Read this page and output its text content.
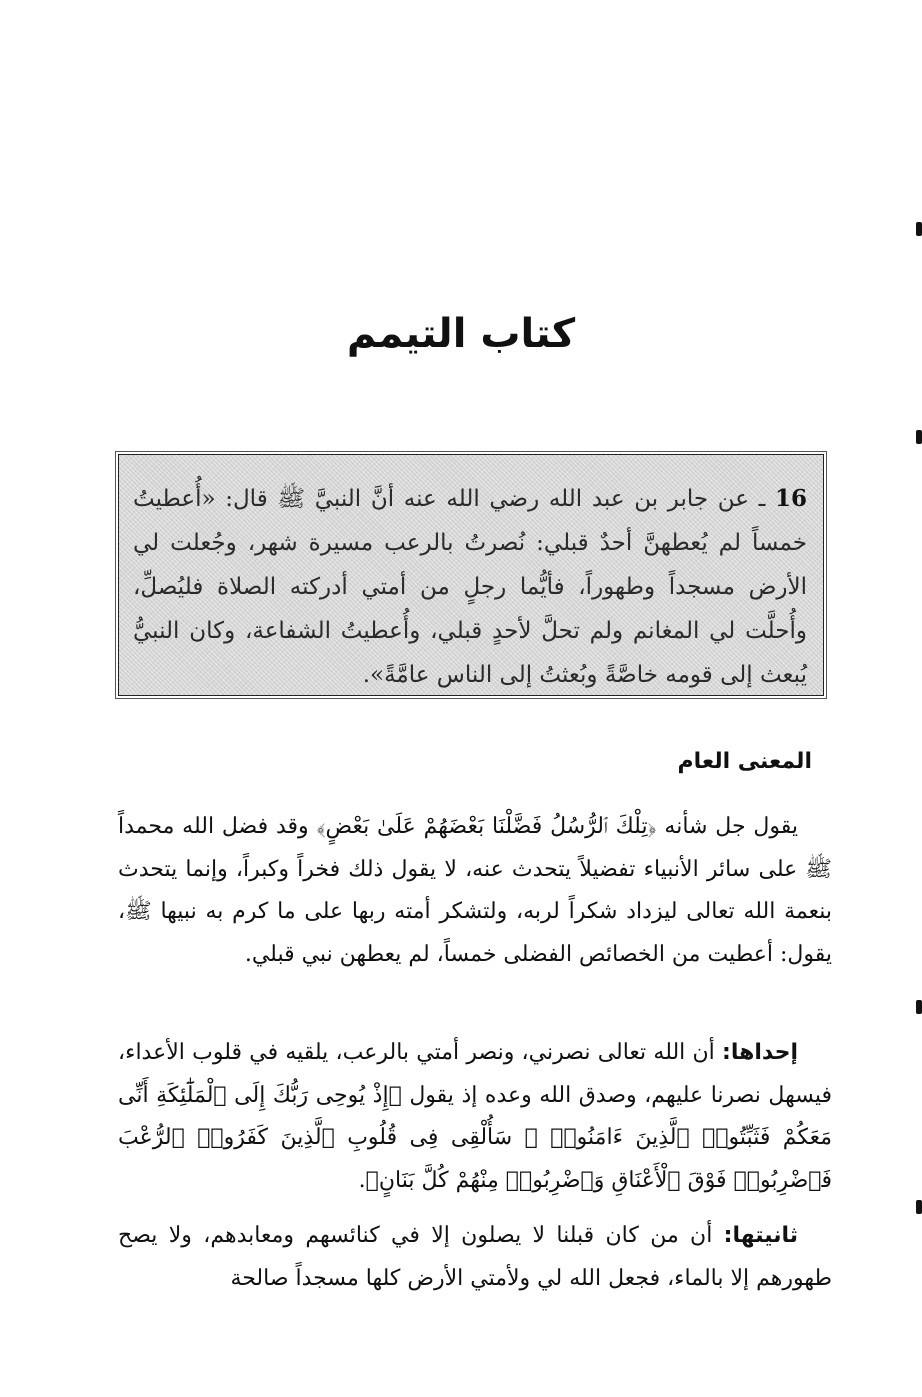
كتاب التيمم
16 ـ عن جابر بن عبد الله رضي الله عنه أنَّ النبيَّ ﷺ قال: «أُعطيتُ خمساً لم يُعطهنَّ أحدٌ قبلي: نُصرتُ بالرعب مسيرة شهر، وجُعلت لي الأرض مسجداً وطهوراً، فأيُّما رجلٍ من أمتي أدركته الصلاة فليُصلِّ، وأُحلَّت لي المغانم ولم تحلَّ لأحدٍ قبلي، وأُعطيتُ الشفاعة، وكان النبيُّ يُبعث إلى قومه خاصَّةً وبُعثتُ إلى الناس عامَّةً».
المعنى العام

يقول جل شأنه ﴿تِلْكَ ٱلرُّسُلُ فَضَّلْنَا بَعْضَهُمْ عَلَىٰ بَعْضٍ﴾ وقد فضل الله محمداً ﷺ على سائر الأنبياء تفضيلاً يتحدث عنه، لا يقول ذلك فخراً وكبراً، وإنما يتحدث بنعمة الله تعالى ليزداد شكراً لربه، ولتشكر أمته ربها على ما كرم به نبيها ﷺ، يقول: أعطيت من الخصائص الفضلى خمساً، لم يعطهن نبي قبلي.

إحداها: أن الله تعالى نصرني، ونصر أمتي بالرعب، يلقيه في قلوب الأعداء، فيسهل نصرنا عليهم، وصدق الله وعده إذ يقول ﴿إِذْ يُوحِى رَبُّكَ إِلَى ٱلْمَلَٰٓئِكَةِ أَنِّى مَعَكُمْ فَثَبِّتُوا۟ ٱلَّذِينَ ءَامَنُوا۟ ۚ سَأُلْقِى فِى قُلُوبِ ٱلَّذِينَ كَفَرُوا۟ ٱلرُّعْبَ فَٱضْرِبُوا۟ فَوْقَ ٱلْأَعْنَاقِ وَٱضْرِبُوا۟ مِنْهُمْ كُلَّ بَنَانٍ﴾.

ثانيتها: أن من كان قبلنا لا يصلون إلا في كنائسهم ومعابدهم، ولا يصح طهورهم إلا بالماء، فجعل الله لي ولأمتي الأرض كلها مسجداً صالحة
